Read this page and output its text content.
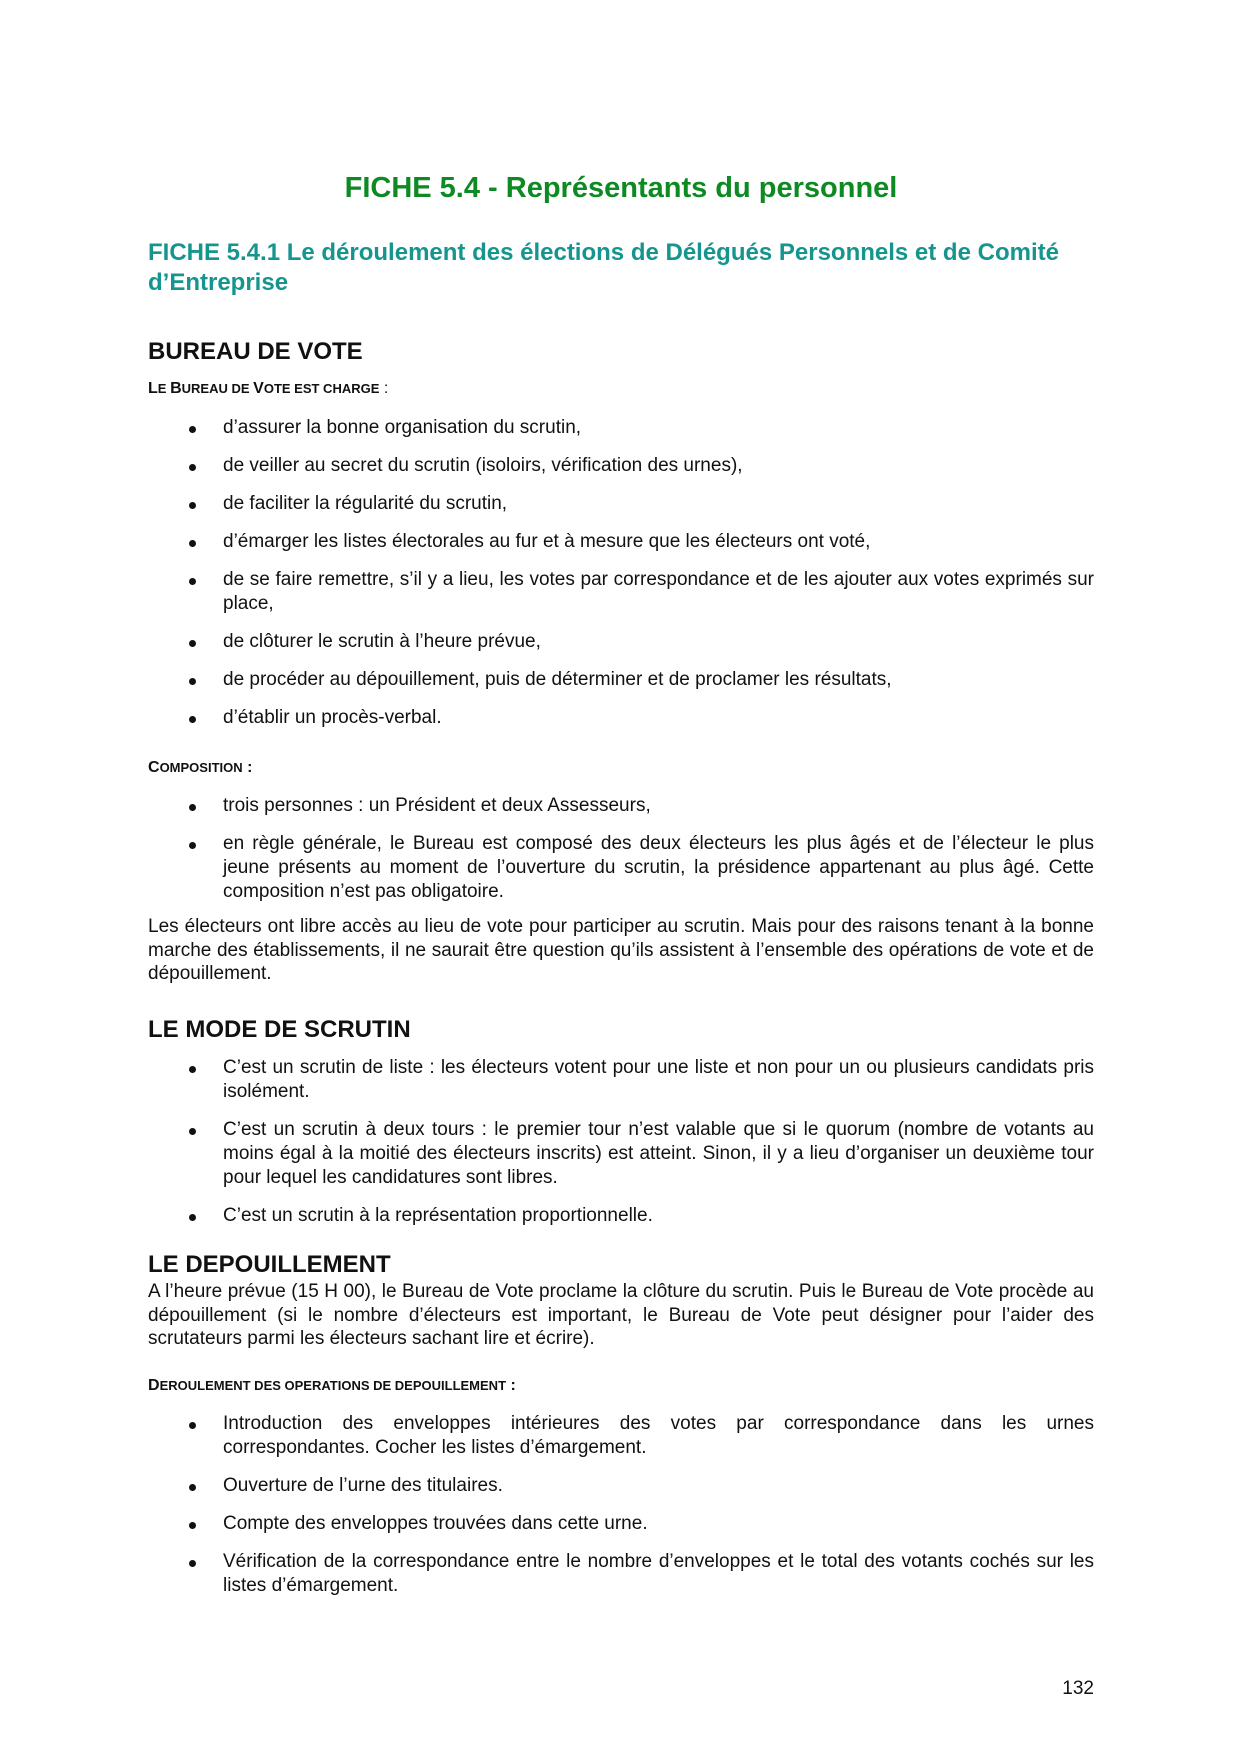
FICHE 5.4 - Représentants du personnel
FICHE 5.4.1 Le déroulement des élections de Délégués Personnels et de Comité d’Entreprise
BUREAU DE VOTE
LE BUREAU DE VOTE EST CHARGE :
d’assurer la bonne organisation du scrutin,
de veiller au secret du scrutin (isoloirs, vérification des urnes),
de faciliter la régularité du scrutin,
d’émarger les listes électorales au fur et à mesure que les électeurs ont voté,
de se faire remettre, s’il y a lieu, les votes par correspondance et de les ajouter aux votes exprimés sur place,
de clôturer le scrutin à l’heure prévue,
de procéder au dépouillement, puis de déterminer et de proclamer les résultats,
d’établir un procès-verbal.
COMPOSITION :
trois personnes : un Président et deux Assesseurs,
en règle générale, le Bureau est composé des deux électeurs les plus âgés et de l’électeur le plus jeune présents au moment de l’ouverture du scrutin, la présidence appartenant au plus âgé. Cette composition n’est pas obligatoire.
Les électeurs ont libre accès au lieu de vote pour participer au scrutin. Mais pour des raisons tenant à la bonne marche des établissements, il ne saurait être question qu’ils assistent à l’ensemble des opérations de vote et de dépouillement.
LE MODE DE SCRUTIN
C’est un scrutin de liste : les électeurs votent pour une liste et non pour un ou plusieurs candidats pris isolément.
C’est un scrutin à deux tours : le premier tour n’est valable que si le quorum (nombre de votants au moins égal à la moitié des électeurs inscrits) est atteint. Sinon, il y a lieu d’organiser un deuxième tour pour lequel les candidatures sont libres.
C’est un scrutin à la représentation proportionnelle.
LE DEPOUILLEMENT
A l’heure prévue (15 H 00), le Bureau de Vote proclame la clôture du scrutin. Puis le Bureau de Vote procède au dépouillement (si le nombre d’électeurs est important, le Bureau de Vote peut désigner pour l’aider des scrutateurs parmi les électeurs sachant lire et écrire).
DEROULEMENT DES OPERATIONS DE DEPOUILLEMENT :
Introduction des enveloppes intérieures des votes par correspondance dans les urnes correspondantes. Cocher les listes d’émargement.
Ouverture de l’urne des titulaires.
Compte des enveloppes trouvées dans cette urne.
Vérification de la correspondance entre le nombre d’enveloppes et le total des votants cochés sur les listes d’émargement.
132
